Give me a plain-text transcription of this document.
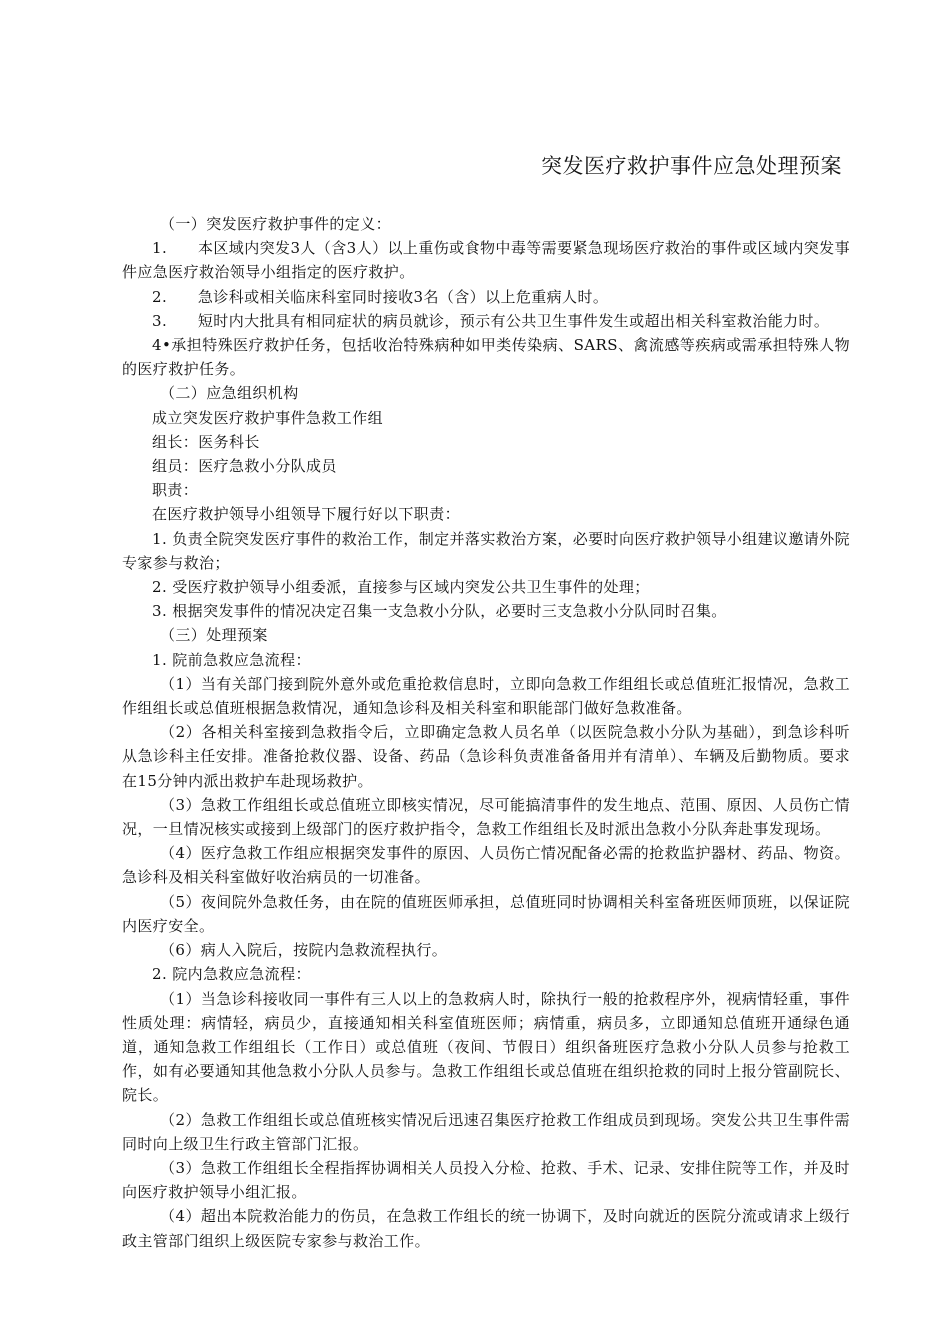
突发医疗救护事件应急处理预案

（一）突发医疗救护事件的定义：

1.　　本区域内突发3人（含3人）以上重伤或食物中毒等需要紧急现场医疗救治的事件或区域内突发事件应急医疗救治领导小组指定的医疗救护。

2.　　急诊科或相关临床科室同时接收3名（含）以上危重病人时。

3.　　短时内大批具有相同症状的病员就诊，预示有公共卫生事件发生或超出相关科室救治能力时。

4•承担特殊医疗救护任务，包括收治特殊病种如甲类传染病、SARS、禽流感等疾病或需承担特殊人物的医疗救护任务。

（二）应急组织机构

成立突发医疗救护事件急救工作组

组长：医务科长

组员：医疗急救小分队成员

职责：

在医疗救护领导小组领导下履行好以下职责：

1. 负责全院突发医疗事件的救治工作，制定并落实救治方案，必要时向医疗救护领导小组建议邀请外院专家参与救治；

2. 受医疗救护领导小组委派，直接参与区域内突发公共卫生事件的处理；

3. 根据突发事件的情况决定召集一支急救小分队，必要时三支急救小分队同时召集。

（三）处理预案

1. 院前急救应急流程：

（1）当有关部门接到院外意外或危重抢救信息时，立即向急救工作组组长或总值班汇报情况，急救工作组组长或总值班根据急救情况，通知急诊科及相关科室和职能部门做好急救准备。

（2）各相关科室接到急救指令后，立即确定急救人员名单（以医院急救小分队为基础），到急诊科听从急诊科主任安排。准备抢救仪器、设备、药品（急诊科负责准备备用并有清单）、车辆及后勤物质。要求在15分钟内派出救护车赴现场救护。

（3）急救工作组组长或总值班立即核实情况，尽可能搞清事件的发生地点、范围、原因、人员伤亡情况，一旦情况核实或接到上级部门的医疗救护指令，急救工作组组长及时派出急救小分队奔赴事发现场。

（4）医疗急救工作组应根据突发事件的原因、人员伤亡情况配备必需的抢救监护器材、药品、物资。急诊科及相关科室做好收治病员的一切准备。

（5）夜间院外急救任务，由在院的值班医师承担，总值班同时协调相关科室备班医师顶班，以保证院内医疗安全。

（6）病人入院后，按院内急救流程执行。

2. 院内急救应急流程：

（1）当急诊科接收同一事件有三人以上的急救病人时，除执行一般的抢救程序外，视病情轻重，事件性质处理：病情轻，病员少，直接通知相关科室值班医师；病情重，病员多，立即通知总值班开通绿色通道，通知急救工作组组长（工作日）或总值班（夜间、节假日）组织备班医疗急救小分队人员参与抢救工作，如有必要通知其他急救小分队人员参与。急救工作组组长或总值班在组织抢救的同时上报分管副院长、院长。

（2）急救工作组组长或总值班核实情况后迅速召集医疗抢救工作组成员到现场。突发公共卫生事件需同时向上级卫生行政主管部门汇报。

（3）急救工作组组长全程指挥协调相关人员投入分检、抢救、手术、记录、安排住院等工作，并及时向医疗救护领导小组汇报。

（4）超出本院救治能力的伤员，在急救工作组长的统一协调下，及时向就近的医院分流或请求上级行政主管部门组织上级医院专家参与救治工作。
